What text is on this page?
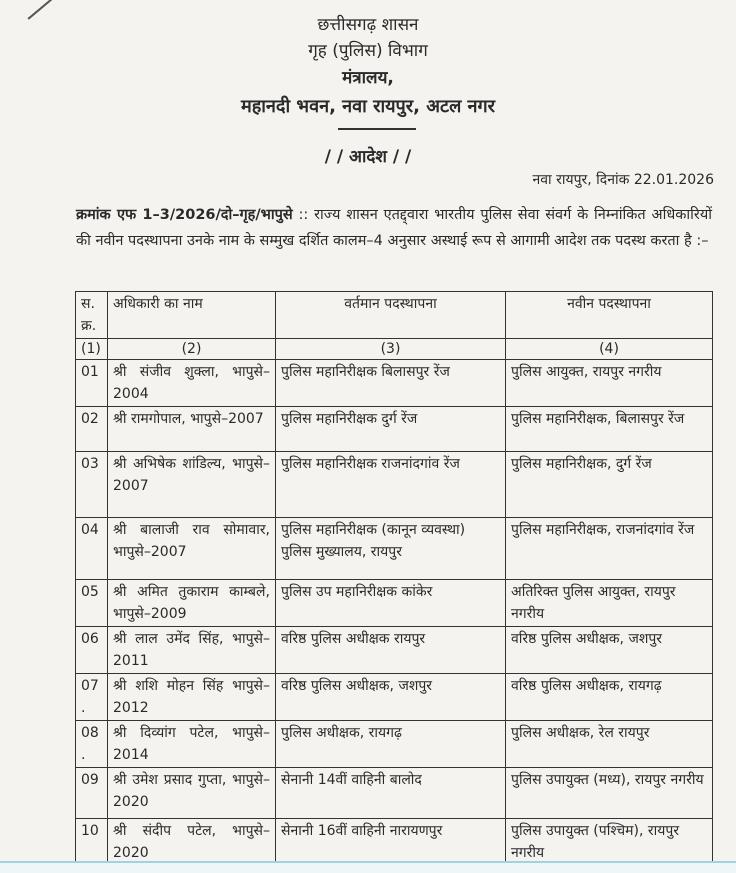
छत्तीसगढ़ शासन
गृह (पुलिस) विभाग
मंत्रालय,
महानदी भवन, नवा रायपुर, अटल नगर
/ / आदेश / /
नवा रायपुर, दिनांक 22.01.2026
क्रमांक एफ 1–3/2026/दो–गृह/भापुसे :: राज्य शासन एतद्द्वारा भारतीय पुलिस सेवा संवर्ग के निम्नांकित अधिकारियों की नवीन पदस्थापना उनके नाम के सम्मुख दर्शित कालम–4 अनुसार अस्थाई रूप से आगामी आदेश तक पदस्थ करता है :–
स. क्र.	अधिकारी का नाम	वर्तमान पदस्थापना	नवीन पदस्थापना
(1)	(2)	(3)	(4)
01	श्री संजीव शुक्ला, भापुसे–2004	पुलिस महानिरीक्षक बिलासपुर रेंज	पुलिस आयुक्त, रायपुर नगरीय
02	श्री रामगोपाल, भापुसे–2007	पुलिस महानिरीक्षक दुर्ग रेंज	पुलिस महानिरीक्षक, बिलासपुर रेंज
03	श्री अभिषेक शांडिल्य, भापुसे–2007	पुलिस महानिरीक्षक राजनांदगांव रेंज	पुलिस महानिरीक्षक, दुर्ग रेंज
04	श्री बालाजी राव सोमावार, भापुसे–2007	पुलिस महानिरीक्षक (कानून व्यवस्था) पुलिस मुख्यालय, रायपुर	पुलिस महानिरीक्षक, राजनांदगांव रेंज
05	श्री अमित तुकाराम काम्बले, भापुसे–2009	पुलिस उप महानिरीक्षक कांकेर	अतिरिक्त पुलिस आयुक्त, रायपुर नगरीय
06	श्री लाल उमेंद सिंह, भापुसे–2011	वरिष्ठ पुलिस अधीक्षक रायपुर	वरिष्ठ पुलिस अधीक्षक, जशपुर
07 .	श्री शशि मोहन सिंह भापुसे– 2012	वरिष्ठ पुलिस अधीक्षक, जशपुर	वरिष्ठ पुलिस अधीक्षक, रायगढ़
08 .	श्री दिव्यांग पटेल, भापुसे–2014	पुलिस अधीक्षक, रायगढ़	पुलिस अधीक्षक, रेल रायपुर
09	श्री उमेश प्रसाद गुप्ता, भापुसे–2020	सेनानी 14वीं वाहिनी बालोद	पुलिस उपायुक्त (मध्य), रायपुर नगरीय
10	श्री संदीप पटेल, भापुसे–2020	सेनानी 16वीं वाहिनी नारायणपुर	पुलिस उपायुक्त (पश्चिम), रायपुर नगरीय
